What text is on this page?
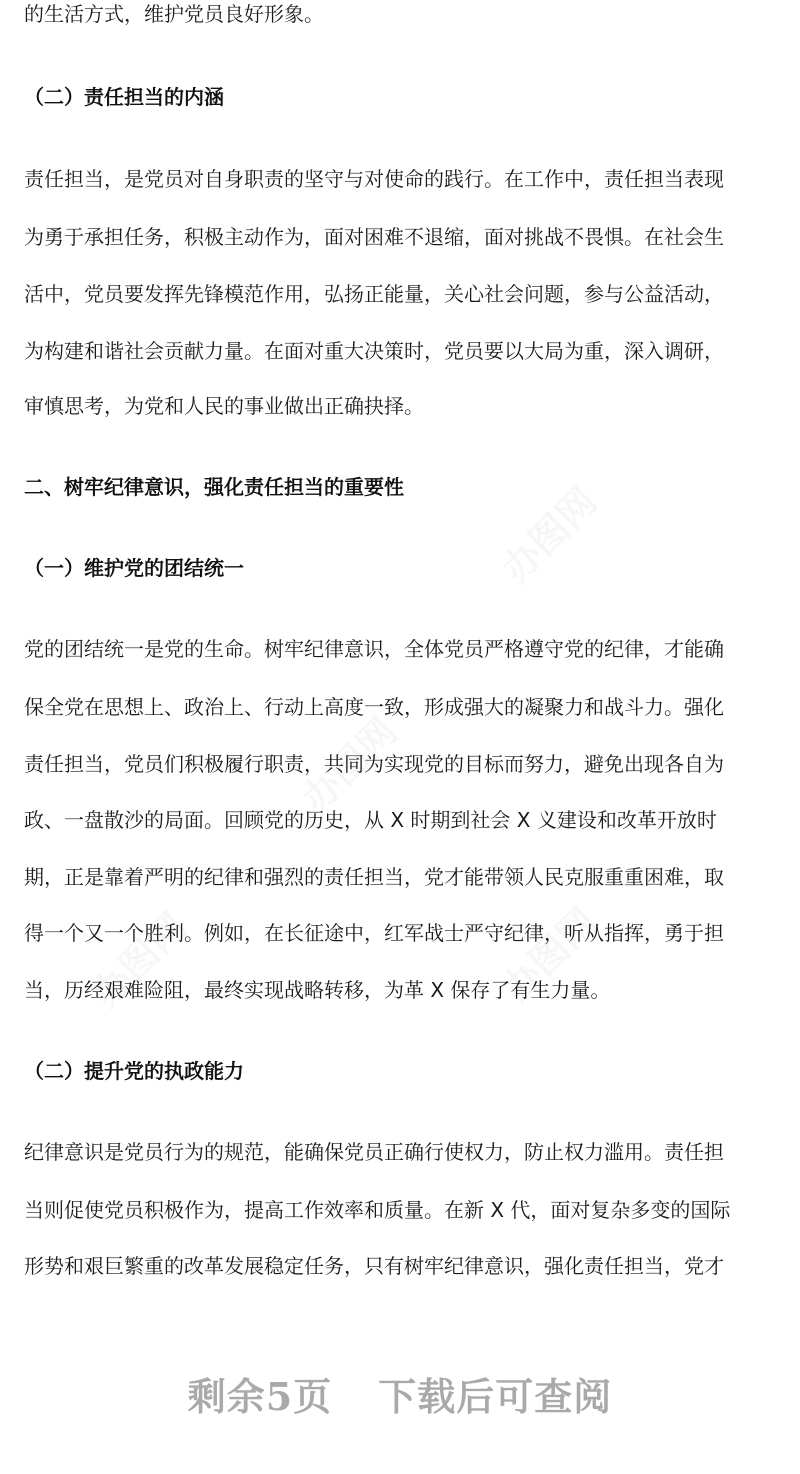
的生活方式，维护党员良好形象。
（二）责任担当的内涵
责任担当，是党员对自身职责的坚守与对使命的践行。在工作中，责任担当表现
为勇于承担任务，积极主动作为，面对困难不退缩，面对挑战不畏惧。在社会生
活中，党员要发挥先锋模范作用，弘扬正能量，关心社会问题，参与公益活动，
为构建和谐社会贡献力量。在面对重大决策时，党员要以大局为重，深入调研，
审慎思考，为党和人民的事业做出正确抉择。
二、树牢纪律意识，强化责任担当的重要性
（一）维护党的团结统一
党的团结统一是党的生命。树牢纪律意识，全体党员严格遵守党的纪律，才能确
保全党在思想上、政治上、行动上高度一致，形成强大的凝聚力和战斗力。强化
责任担当，党员们积极履行职责，共同为实现党的目标而努力，避免出现各自为
政、一盘散沙的局面。回顾党的历史，从 X 时期到社会 X 义建设和改革开放时
期，正是靠着严明的纪律和强烈的责任担当，党才能带领人民克服重重困难，取
得一个又一个胜利。例如，在长征途中，红军战士严守纪律，听从指挥，勇于担
当，历经艰难险阻，最终实现战略转移，为革 X 保存了有生力量。
（二）提升党的执政能力
纪律意识是党员行为的规范，能确保党员正确行使权力，防止权力滥用。责任担
当则促使党员积极作为，提高工作效率和质量。在新 X 代，面对复杂多变的国际
形势和艰巨繁重的改革发展稳定任务，只有树牢纪律意识，强化责任担当，党才
剩余5页 下载后可查阅
